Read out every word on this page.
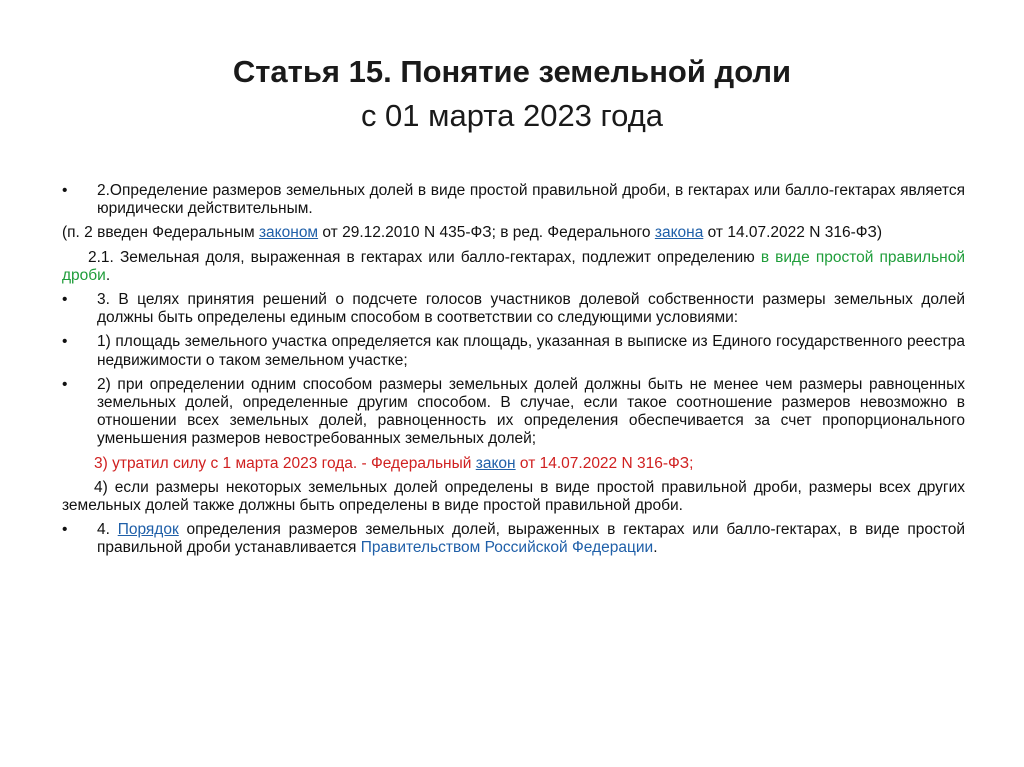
Статья 15. Понятие земельной доли
с 01 марта 2023 года
•	2.Определение размеров земельных долей в виде простой правильной дроби, в гектарах или балло-гектарах является юридически действительным.
(п. 2 введен Федеральным законом от 29.12.2010 N 435-ФЗ; в ред. Федерального закона от 14.07.2022 N 316-ФЗ)
2.1. Земельная доля, выраженная в гектарах или балло-гектарах, подлежит определению в виде простой правильной дроби.
•	3. В целях принятия решений о подсчете голосов участников долевой собственности размеры земельных долей должны быть определены единым способом в соответствии со следующими условиями:
•	1) площадь земельного участка определяется как площадь, указанная в выписке из Единого государственного реестра недвижимости о таком земельном участке;
•	2) при определении одним способом размеры земельных долей должны быть не менее чем размеры равноценных земельных долей, определенные другим способом. В случае, если такое соотношение размеров невозможно в отношении всех земельных долей, равноценность их определения обеспечивается за счет пропорционального уменьшения размеров невостребованных земельных долей;
3) утратил силу с 1 марта 2023 года. - Федеральный закон от 14.07.2022 N 316-ФЗ;
4) если размеры некоторых земельных долей определены в виде простой правильной дроби, размеры всех других земельных долей также должны быть определены в виде простой правильной дроби.
•	4. Порядок определения размеров земельных долей, выраженных в гектарах или балло-гектарах, в виде простой правильной дроби устанавливается Правительством Российской Федерации.
